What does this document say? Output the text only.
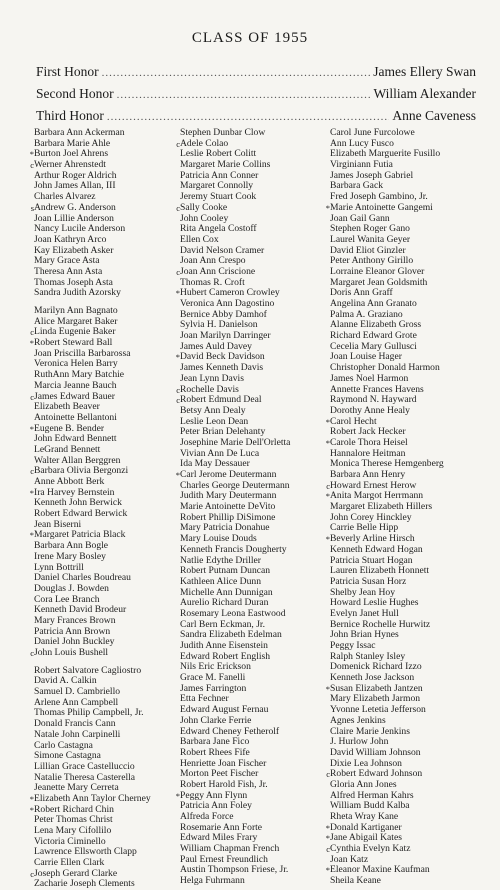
CLASS OF 1955
First Honor .....	James Ellery Swan
Second Honor .....	William Alexander
Third Honor .....	Anne Caveness
Barbara Ann Ackerman
Barbara Marie Ahle
* Burton Joel Ahrens
c Werner Ahrenstedt
Arthur Roger Aldrich
John James Allan, III
Charles Alvarez
s Andrew G. Anderson
Joan Lillie Anderson
Nancy Lucile Anderson
Joan Kathryn Arco
Kay Elizabeth Asker
Mary Grace Asta
Theresa Ann Asta
Thomas Joseph Asta
Sandra Judith Azorsky
Marilyn Ann Bagnato
Alice Margaret Baker
c Linda Eugenie Baker
* Robert Steward Ball
Joan Priscilla Barbarossa
Veronica Helen Barry
RuthAnn Mary Batchie
Marcia Jeanne Bauch
c James Edward Bauer
Elizabeth Beaver
Antoinette Bellantoni
* Eugene B. Bender
John Edward Bennett
LeGrand Bennett
Walter Allan Berggren
c Barbara Olivia Bergonzi
Anne Abbott Berk
* Ira Harvey Bernstein
Kenneth John Berwick
Robert Edward Berwick
Jean Biserni
* Margaret Patricia Black
Barbara Ann Bogle
Irene Mary Bosley
Lynn Bottrill
Daniel Charles Boudreau
Douglas J. Bowden
Cora Lee Branch
Kenneth David Brodeur
Mary Frances Brown
Patricia Ann Brown
Daniel John Buckley
c John Louis Bushell
Robert Salvatore Cagliostro
David A. Calkin
Samuel D. Cambriello
Arlene Ann Campbell
Thomas Philip Campbell, Jr.
Donald Francis Cann
Natale John Carpinelli
Carlo Castagna
Simone Castagna
Lillian Grace Castelluccio
Natalie Theresa Casterella
Jeanette Mary Cerreta
* Elizabeth Ann Taylor Cherney
* Robert Richard Chin
Peter Thomas Christ
Lena Mary Cifollilo
Victoria Ciminello
Lawrence Ellsworth Clapp
Carrie Ellen Clark
c Joseph Gerard Clarke
Zacharie Joseph Clements
Stephen Dunbar Clow
c Adele Colao
Leslie Robert Colitt
Margaret Marie Collins
Patricia Ann Conner
Margaret Connolly
Jeremy Stuart Cook
c Sally Cooke
John Cooley
Rita Angela Costoff
Ellen Cox
David Nelson Cramer
Joan Ann Crespo
c Joan Ann Criscione
Thomas R. Croft
* Hubert Cameron Crowley
Veronica Ann Dagostino
Bernice Abby Damhof
Sylvia H. Danielson
Joan Marilyn Darringer
James Auld Davey
* David Beck Davidson
James Kenneth Davis
Jean Lynn Davis
c Rochelle Davis
c Robert Edmund Deal
Betsy Ann Dealy
Leslie Leon Dean
Peter Brian Delehanty
Josephine Marie Dell'Orletta
Vivian Ann De Luca
Ida May Dessauer
* Carl Jerome Deutermann
Charles George Deutermann
Judith Mary Deutermann
Marie Antoinette DeVito
Robert Phillip DiSimone
Mary Patricia Donahue
Mary Louise Douds
Kenneth Francis Dougherty
Natlie Edythe Driller
Robert Putnam Duncan
Kathleen Alice Dunn
Michelle Ann Dunnigan
Aurelio Richard Duran
Rosemary Leona Eastwood
Carl Bern Eckman, Jr.
Sandra Elizabeth Edelman
Judith Anne Eisenstein
Edward Robert English
Nils Eric Erickson
Grace M. Fanelli
James Farrington
Etta Fechner
Edward August Fernau
John Clarke Ferrie
Edward Cheney Fetherolf
Barbara Jane Fico
Robert Rhees Fife
Henriette Joan Fischer
Morton Peet Fischer
Robert Harold Fish, Jr.
* Peggy Ann Flynn
Patricia Ann Foley
Alfreda Force
Rosemarie Ann Forte
Edward Miles Frary
William Chapman French
Paul Ernest Freundlich
Austin Thompson Friese, Jr.
Helga Fuhrmann
Carol June Furcolowe
Ann Lucy Fusco
Elizabeth Marguerite Fusillo
Virginiann Futia
James Joseph Gabriel
Barbara Gack
Fred Joseph Gambino, Jr.
* Marie Antoinette Gangemi
Joan Gail Gann
Stephen Roger Gano
Laurel Wanita Geyer
David Eliot Ginzler
Peter Anthony Girillo
Lorraine Eleanor Glover
Margaret Jean Goldsmith
Doris Ann Graff
Angelina Ann Granato
Palma A. Graziano
Alanne Elizabeth Gross
Richard Edward Grote
Cecelia Mary Gullusci
Joan Louise Hager
Christopher Donald Harmon
James Noel Harmon
Annette Frances Havens
Raymond N. Hayward
Dorothy Anne Healy
* Carol Hecht
Robert Jack Hecker
* Carole Thora Heisel
Hannalore Heitman
Monica Therese Hemgenberg
Barbara Ann Henry
c Howard Ernest Herow
* Anita Margot Herrmann
Margaret Elizabeth Hillers
John Corey Hinckley
Carrie Belle Hipp
* Beverly Arline Hirsch
Kenneth Edward Hogan
Patricia Stuart Hogan
Lauren Elizabeth Honnett
Patricia Susan Horz
Shelby Jean Hoy
Howard Leslie Hughes
Evelyn Janet Hull
Bernice Rochelle Hurwitz
John Brian Hynes
Peggy Issac
Ralph Stanley Isley
Domenick Richard Izzo
Kenneth Jose Jackson
* Susan Elizabeth Jantzen
Mary Elizabeth Jarmon
Yvonne Letetia Jefferson
Agnes Jenkins
Claire Marie Jenkins
J. Hurlow John
David William Johnson
Dixie Lea Johnson
c Robert Edward Johnson
Gloria Ann Jones
Alfred Herman Kahrs
William Budd Kalba
Rheta Wray Kane
* Donald Kartiganer
* Jane Abigail Kates
c Cynthia Evelyn Katz
Joan Katz
* Eleanor Maxine Kaufman
Sheila Keane
